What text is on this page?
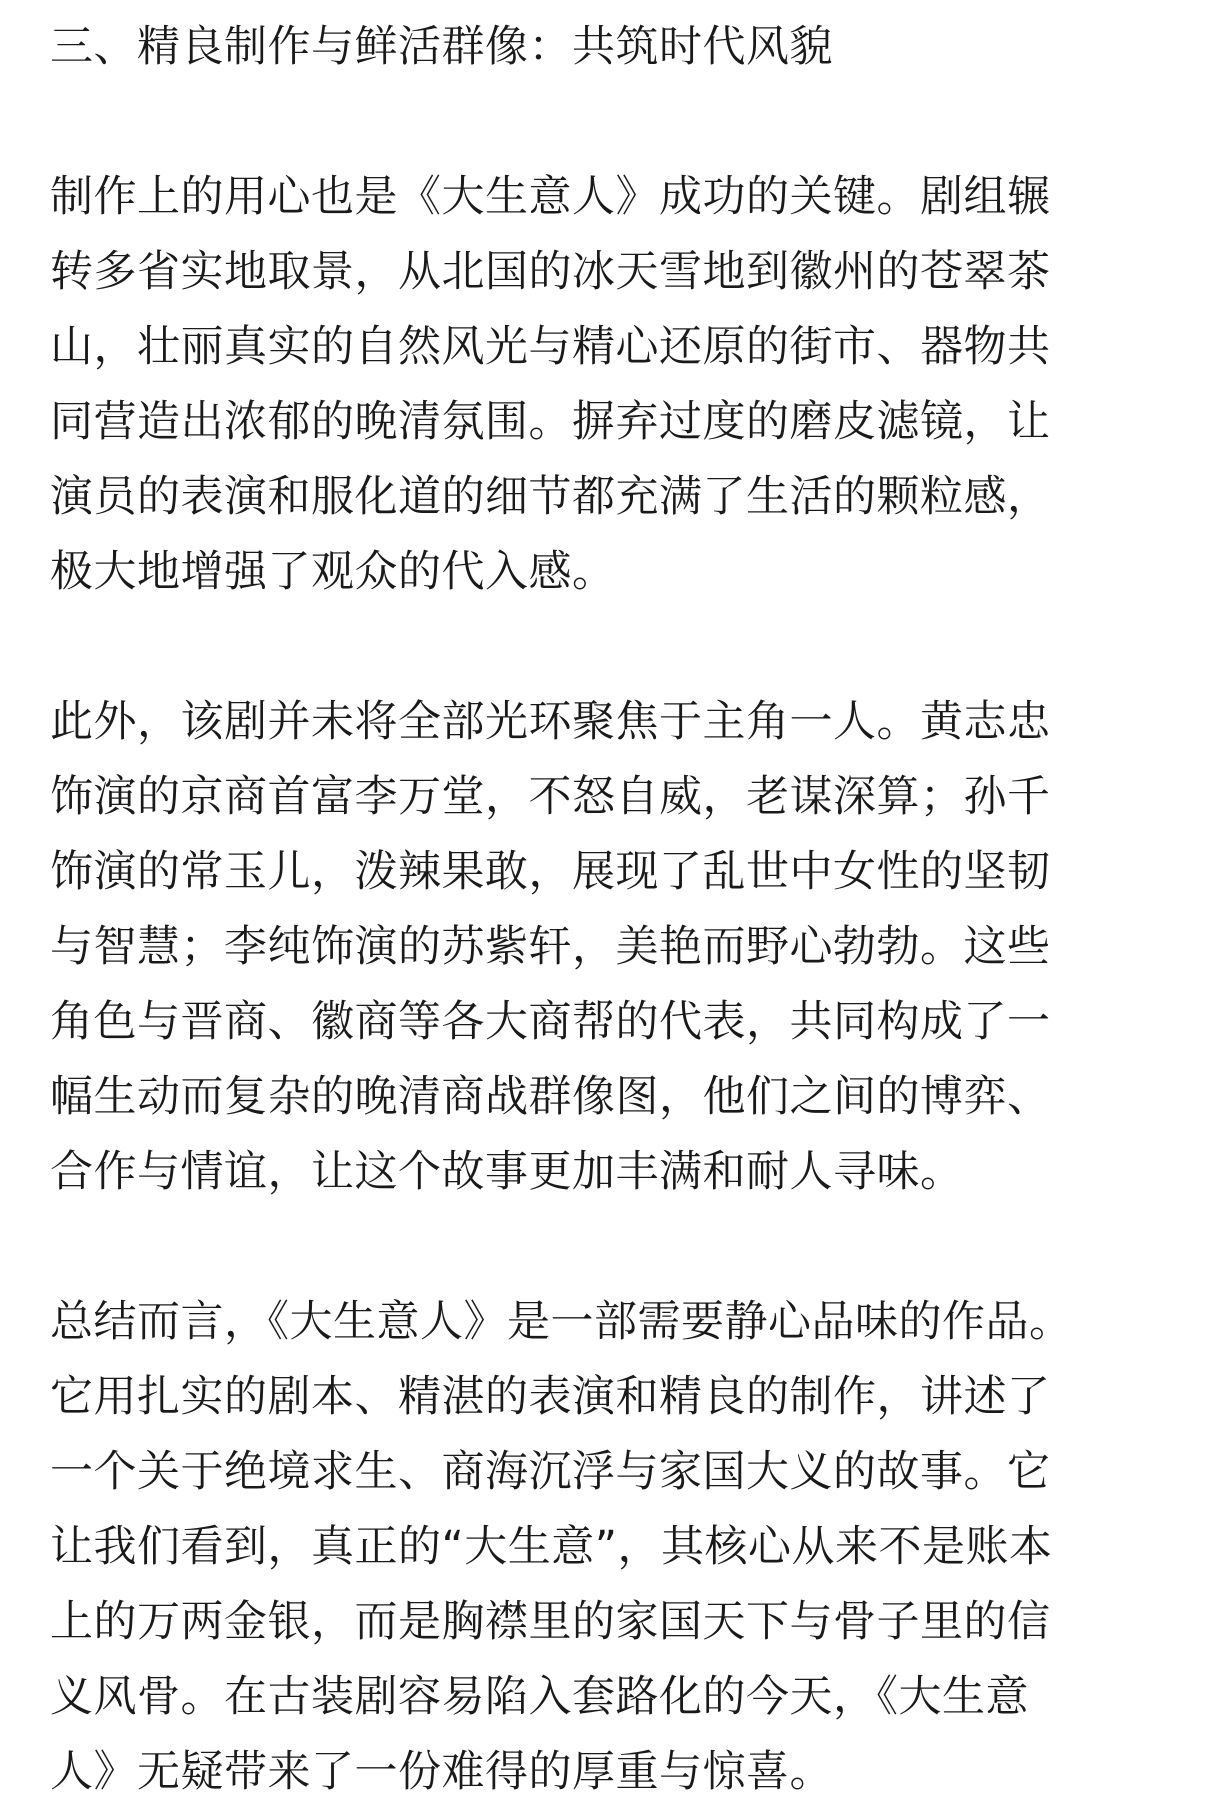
三、精良制作与鲜活群像：共筑时代风貌

制作上的用心也是《大生意人》成功的关键。剧组辗

转多省实地取景，从北国的冰天雪地到徽州的苍翠茶

山，壮丽真实的自然风光与精心还原的街市、器物共

同营造出浓郁的晚清氛围。摒弃过度的磨皮滤镜，让

演员的表演和服化道的细节都充满了生活的颗粒感，

极大地增强了观众的代入感。

此外，该剧并未将全部光环聚焦于主角一人。黄志忠

饰演的京商首富李万堂，不怒自威，老谋深算；孙千

饰演的常玉儿，泼辣果敢，展现了乱世中女性的坚韧

与智慧；李纯饰演的苏紫轩，美艳而野心勃勃。这些

角色与晋商、徽商等各大商帮的代表，共同构成了一

幅生动而复杂的晚清商战群像图，他们之间的博弈、

合作与情谊，让这个故事更加丰满和耐人寻味。

总结而言，《大生意人》是一部需要静心品味的作品。

它用扎实的剧本、精湛的表演和精良的制作，讲述了

一个关于绝境求生、商海沉浮与家国大义的故事。它

让我们看到，真正的“大生意”，其核心从来不是账本

上的万两金银，而是胸襟里的家国天下与骨子里的信

义风骨。在古装剧容易陷入套路化的今天，《大生意

人》无疑带来了一份难得的厚重与惊喜。
